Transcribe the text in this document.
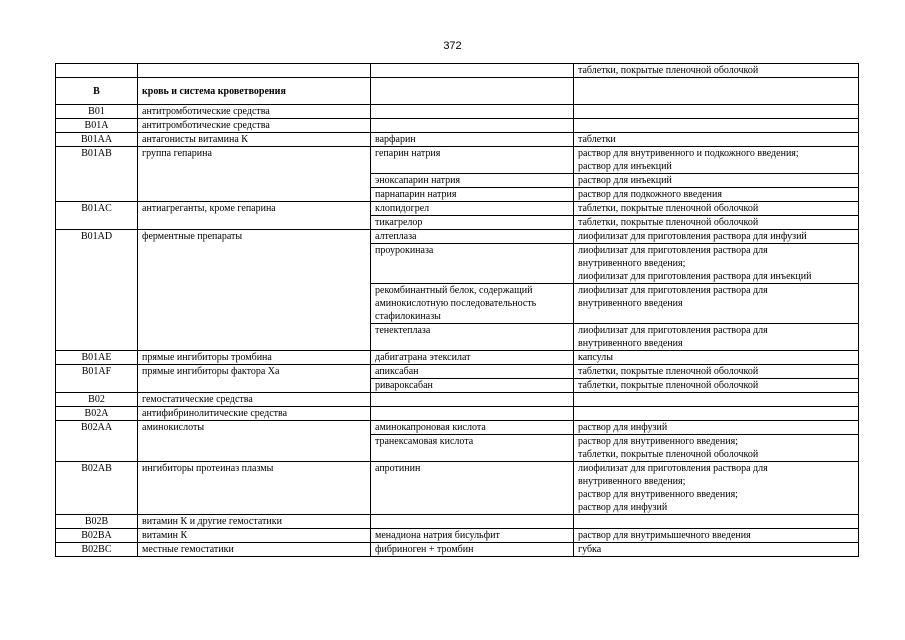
372
			таблетки, покрытые пленочной оболочкой
B	кровь и система кроветворения		
B01	антитромботические средства		
B01A	антитромботические средства		
B01AA	антагонисты витамина К	варфарин	таблетки
B01AB	группа гепарина	гепарин натрия	раствор для внутривенного и подкожного введения;
раствор для инъекций
		эноксапарин натрия	раствор для инъекций
		парнапарин натрия	раствор для подкожного введения
B01AC	антиагреганты, кроме гепарина	клопидогрел	таблетки, покрытые пленочной оболочкой
		тикагрелор	таблетки, покрытые пленочной оболочкой
B01AD	ферментные препараты	алтеплаза	лиофилизат для приготовления раствора для инфузий
		проурокиназа	лиофилизат для приготовления раствора для
внутривенного введения;
лиофилизат для приготовления раствора для инъекций
		рекомбинантный белок, содержащий
аминокислотную последовательность
стафилокиназы	лиофилизат для приготовления раствора для
внутривенного введения
		тенектеплаза	лиофилизат для приготовления раствора для
внутривенного введения
B01AE	прямые ингибиторы тромбина	дабигатрана этексилат	капсулы
B01AF	прямые ингибиторы фактора Xa	апиксабан	таблетки, покрытые пленочной оболочкой
		ривароксабан	таблетки, покрытые пленочной оболочкой
B02	гемостатические средства		
B02A	антифибринолитические средства		
B02AA	аминокислоты	аминокапроновая кислота	раствор для инфузий
		транексамовая кислота	раствор для внутривенного введения;
таблетки, покрытые пленочной оболочкой
B02AB	ингибиторы протеиназ плазмы	апротинин	лиофилизат для приготовления раствора для
внутривенного введения;
раствор для внутривенного введения;
раствор для инфузий
B02B	витамин К и другие гемостатики		
B02BA	витамин К	менадиона натрия бисульфит	раствор для внутримышечного введения
B02BC	местные гемостатики	фибриноген + тромбин	губка
